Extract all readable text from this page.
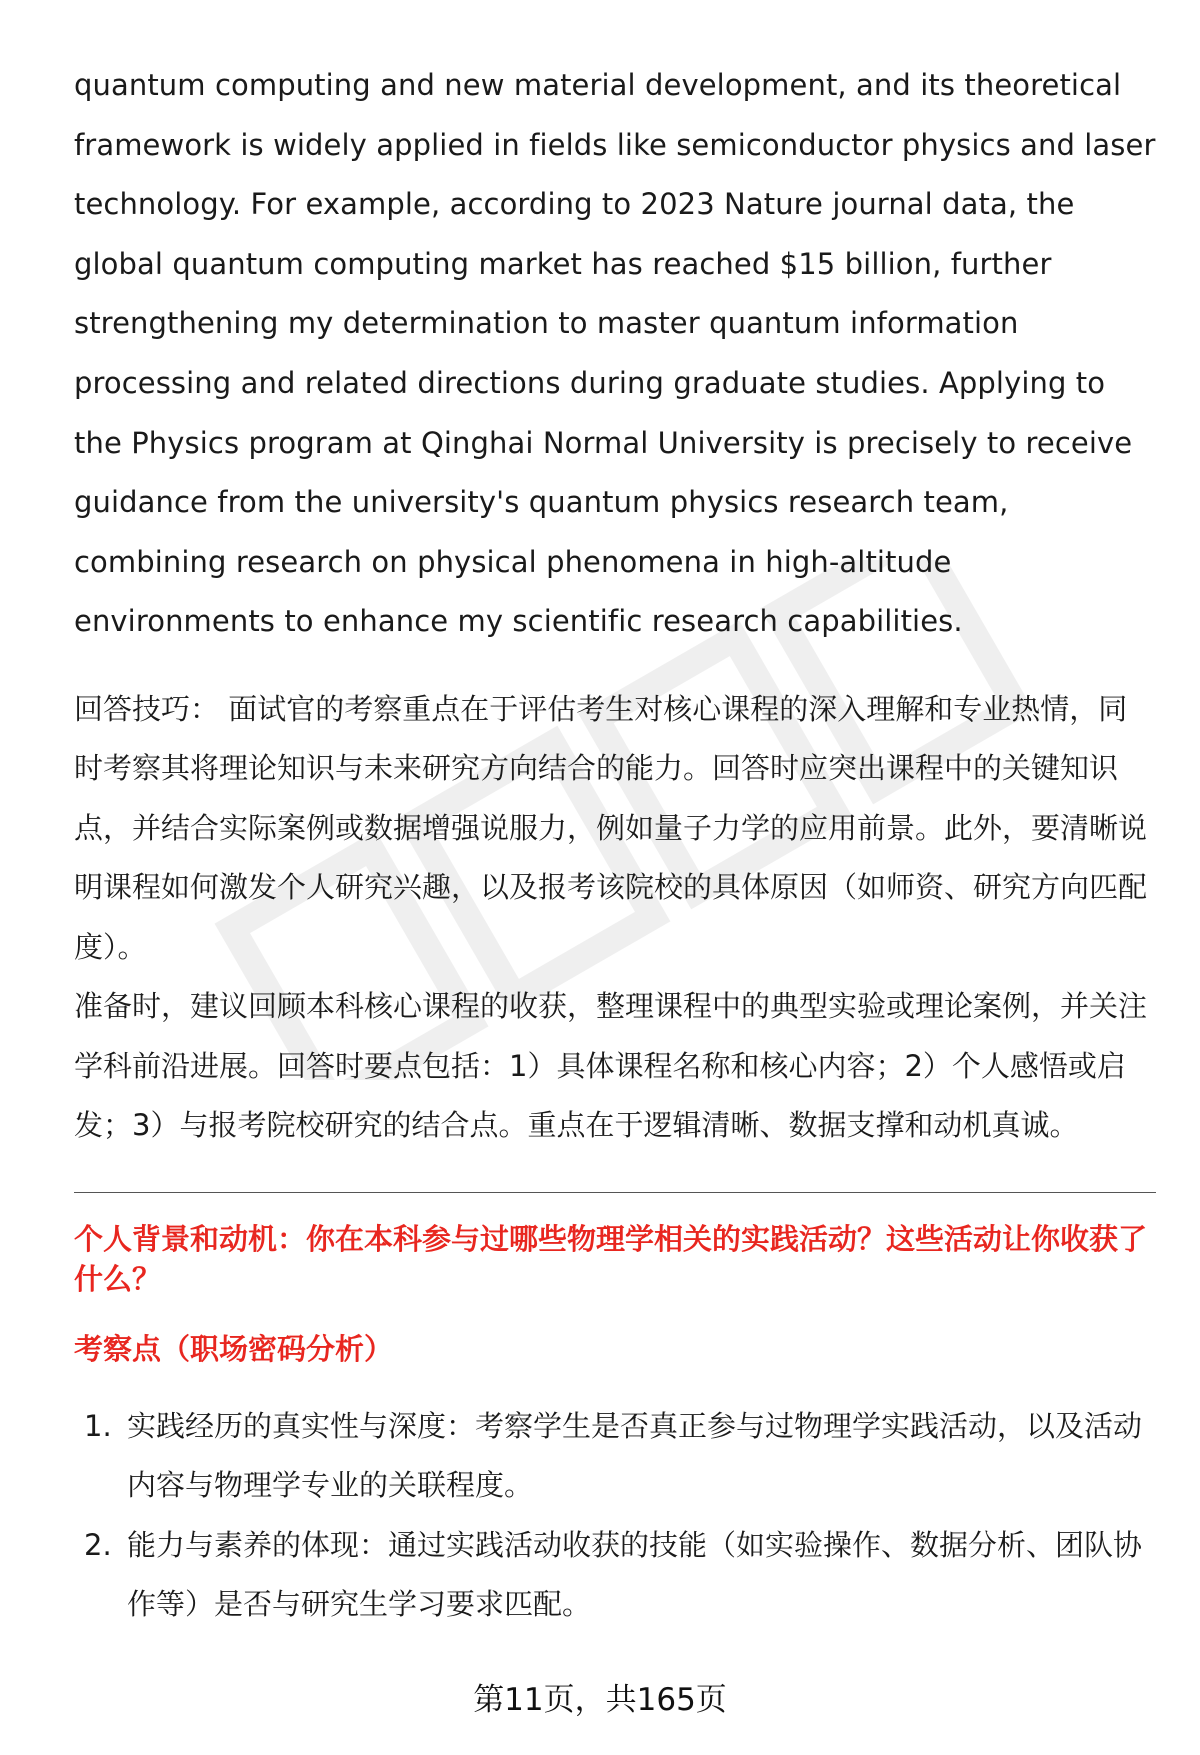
quantum computing and new material development, and its theoretical framework is widely applied in fields like semiconductor physics and laser technology. For example, according to 2023 Nature journal data, the global quantum computing market has reached $15 billion, further strengthening my determination to master quantum information processing and related directions during graduate studies. Applying to the Physics program at Qinghai Normal University is precisely to receive guidance from the university's quantum physics research team, combining research on physical phenomena in high-altitude environments to enhance my scientific research capabilities.

回答技巧： 面试官的考察重点在于评估考生对核心课程的深入理解和专业热情，同时考察其将理论知识与未来研究方向结合的能力。回答时应突出课程中的关键知识点，并结合实际案例或数据增强说服力，例如量子力学的应用前景。此外，要清晰说明课程如何激发个人研究兴趣，以及报考该院校的具体原因（如师资、研究方向匹配度）。

准备时，建议回顾本科核心课程的收获，整理课程中的典型实验或理论案例，并关注学科前沿进展。回答时要点包括：1）具体课程名称和核心内容；2）个人感悟或启发；3）与报考院校研究的结合点。重点在于逻辑清晰、数据支撑和动机真诚。

个人背景和动机：你在本科参与过哪些物理学相关的实践活动？这些活动让你收获了什么？

考察点（职场密码分析）

1. 实践经历的真实性与深度：考察学生是否真正参与过物理学实践活动，以及活动内容与物理学专业的关联程度。
2. 能力与素养的体现：通过实践活动收获的技能（如实验操作、数据分析、团队协作等）是否与研究生学习要求匹配。
第11页，共165页
